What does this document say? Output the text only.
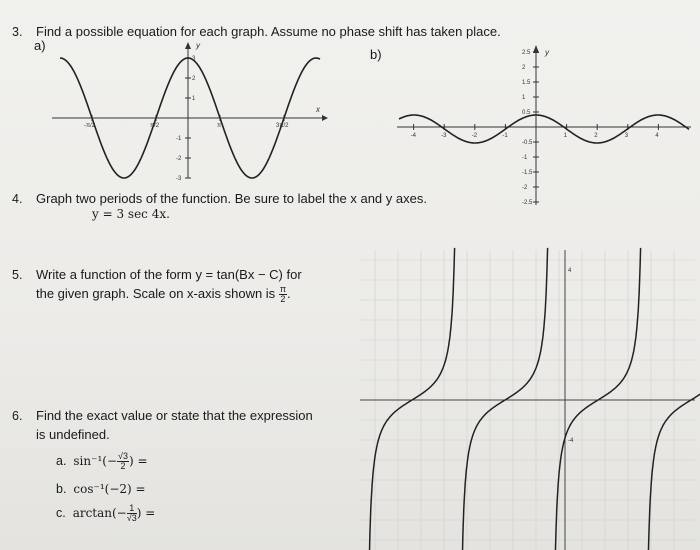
3. Find a possible equation for each graph. Assume no phase shift has taken place.
a)
b)
y
x
-π/2	π/2	π	3π/2
3
2
1
-1
-2
-3
y
-4	-3	-2	-1	1	2	3	4
2.5
2
1.5
1
0.5
-0.5
-1
-1.5
-2
-2.5
4. Graph two periods of the function. Be sure to label the x and y axes.
y = 3 sec 4x.
5. Write a function of the form y = tan(Bx − C) for
the given graph. Scale on x-axis shown is $\frac{\pi}{2}$ .
4
-4
6. Find the exact value or state that the expression
is undefined.
a. $\sin^{-1}(- \frac{√3}{2}$ ) =
b. cos⁻¹(−2) =
c. $\arctan(- \frac{1}{√3}$ ) =
